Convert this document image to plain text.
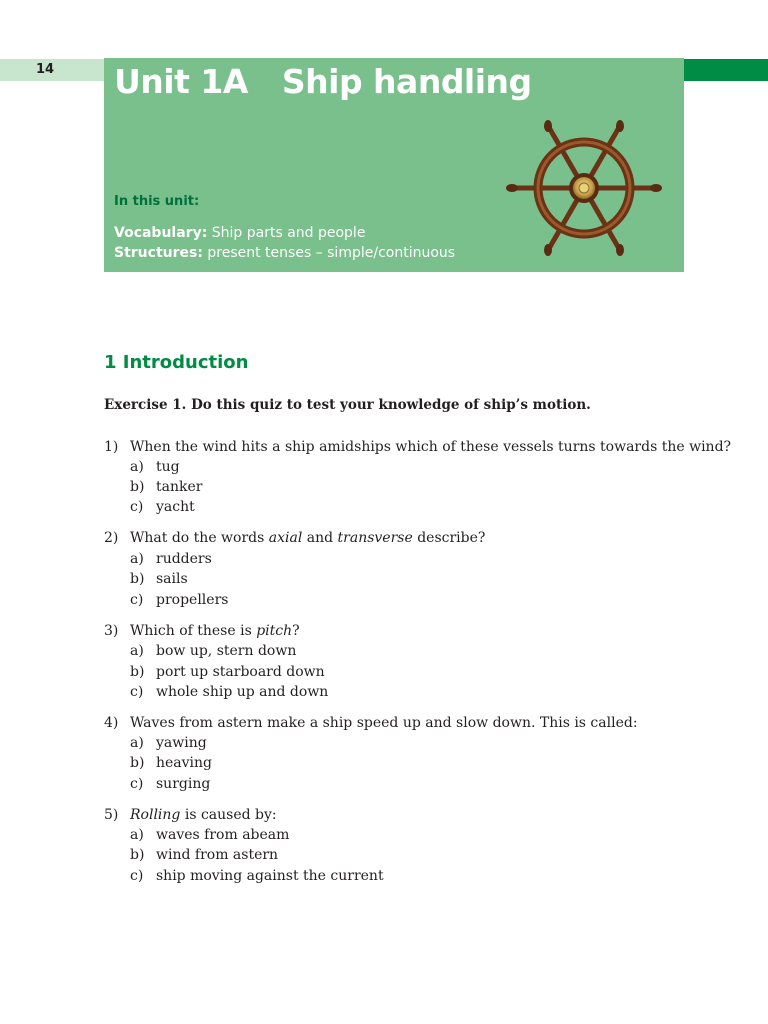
14 Unit 1A Ship handling
In this unit:
Vocabulary: Ship parts and people
Structures: present tenses – simple/continuous
1 Introduction
Exercise 1. Do this quiz to test your knowledge of ship’s motion.
1) When the wind hits a ship amidships which of these vessels turns towards the wind?
a) tug
b) tanker
c) yacht
2) What do the words axial and transverse describe?
a) rudders
b) sails
c) propellers
3) Which of these is pitch?
a) bow up, stern down
b) port up starboard down
c) whole ship up and down
4) Waves from astern make a ship speed up and slow down. This is called:
a) yawing
b) heaving
c) surging
5) Rolling is caused by:
a) waves from abeam
b) wind from astern
c) ship moving against the current
